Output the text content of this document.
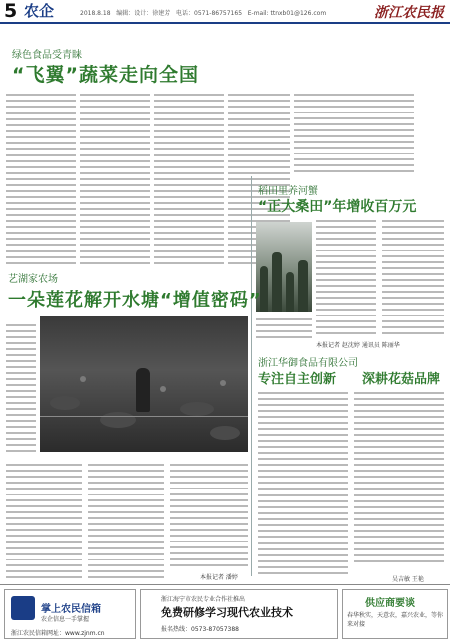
5 农企	2018.8.18 编辑：设计：徐建芳 电话：0571-86757165 E-mail: ttnxb01@126.com	浙江农民报
绿色食品受青睐
“飞翼”蔬菜走向全国
稻田里养河蟹
“正大桑田”年增收百万元
本报记者 赵沈婷 通讯员 陈丽华
艺湖家农场
一朵莲花解开水塘“增值密码”
本报记者 潘婷
浙江华御食品有限公司
专注自主创新 深耕花菇品牌
吴吉敏 王艳
掌上农民信箱
农企信息一手掌握
浙江农民信箱网址：www.zjnm.cn
浙江海宁市农民专业合作社推出
免费研修学习现代农业技术
报名热线：0573-87057388
供应商要谈
春华秋实，天意农，嘉兴农业，等你来对接
